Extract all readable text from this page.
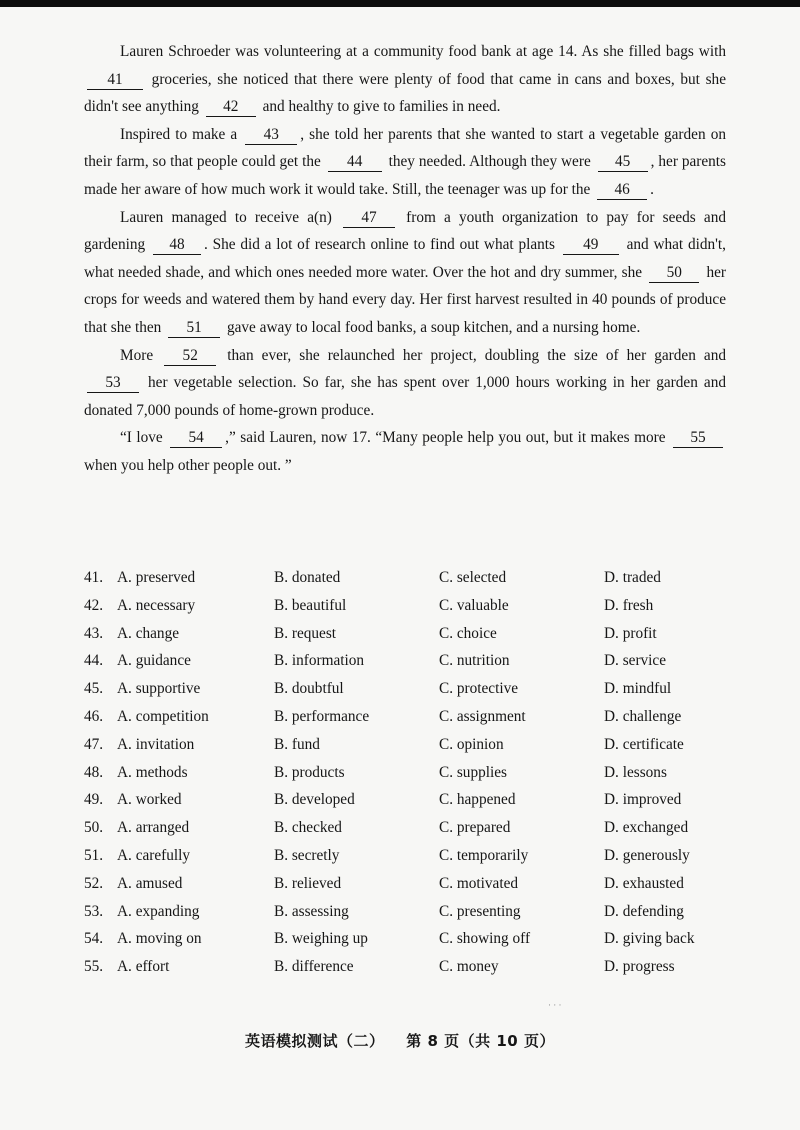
Lauren Schroeder was volunteering at a community food bank at age 14. As she filled bags with 41 groceries, she noticed that there were plenty of food that came in cans and boxes, but she didn't see anything 42 and healthy to give to families in need.

Inspired to make a 43 , she told her parents that she wanted to start a vegetable garden on their farm, so that people could get the 44 they needed. Although they were 45 , her parents made her aware of how much work it would take. Still, the teenager was up for the 46 .

Lauren managed to receive a(n) 47 from a youth organization to pay for seeds and gardening 48 . She did a lot of research online to find out what plants 49 and what didn't, what needed shade, and which ones needed more water. Over the hot and dry summer, she 50 her crops for weeds and watered them by hand every day. Her first harvest resulted in 40 pounds of produce that she then 51 gave away to local food banks, a soup kitchen, and a nursing home.

More 52 than ever, she relaunched her project, doubling the size of her garden and 53 her vegetable selection. So far, she has spent over 1,000 hours working in her garden and donated 7,000 pounds of home-grown produce.

“I love 54 ,” said Lauren, now 17. “Many people help you out, but it makes more 55 when you help other people out. ”

41. A. preserved	B. donated	C. selected	D. traded
42. A. necessary	B. beautiful	C. valuable	D. fresh
43. A. change	B. request	C. choice	D. profit
44. A. guidance	B. information	C. nutrition	D. service
45. A. supportive	B. doubtful	C. protective	D. mindful
46. A. competition	B. performance	C. assignment	D. challenge
47. A. invitation	B. fund	C. opinion	D. certificate
48. A. methods	B. products	C. supplies	D. lessons
49. A. worked	B. developed	C. happened	D. improved
50. A. arranged	B. checked	C. prepared	D. exchanged
51. A. carefully	B. secretly	C. temporarily	D. generously
52. A. amused	B. relieved	C. motivated	D. exhausted
53. A. expanding	B. assessing	C. presenting	D. defending
54. A. moving on	B. weighing up	C. showing off	D. giving back
55. A. effort	B. difference	C. money	D. progress
· · ·
英语模拟测试（二） 第 8 页（共 10 页）
